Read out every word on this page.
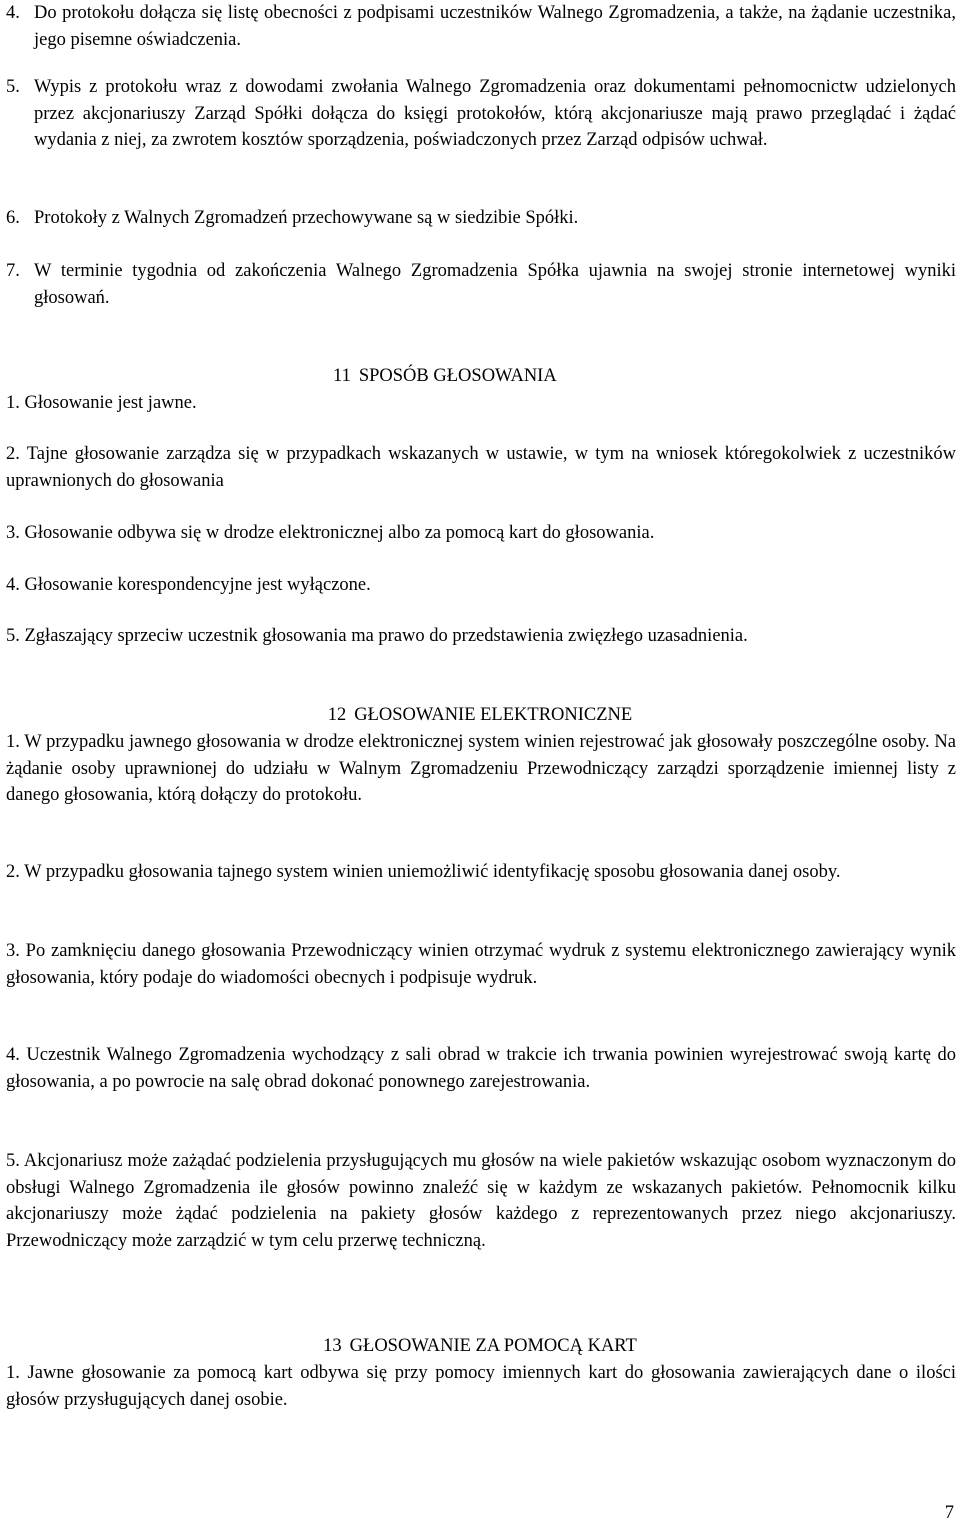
4. Do protokołu dołącza się listę obecności z podpisami uczestników Walnego Zgromadzenia, a także, na żądanie uczestnika, jego pisemne oświadczenia.
5. Wypis z protokołu wraz z dowodami zwołania Walnego Zgromadzenia oraz dokumentami pełnomocnictw udzielonych przez akcjonariuszy Zarząd Spółki dołącza do księgi protokołów, którą akcjonariusze mają prawo przeglądać i żądać wydania z niej, za zwrotem kosztów sporządzenia, poświadczonych przez Zarząd odpisów uchwał.
6. Protokoły z Walnych Zgromadzeń przechowywane są w siedzibie Spółki.
7. W terminie tygodnia od zakończenia Walnego Zgromadzenia Spółka ujawnia na swojej stronie internetowej wyniki głosowań.
11 SPOSÓB GŁOSOWANIA
1. Głosowanie jest jawne.
2. Tajne głosowanie zarządza się w przypadkach wskazanych w ustawie, w tym na wniosek któregokolwiek z uczestników uprawnionych do głosowania
3. Głosowanie odbywa się w drodze elektronicznej albo za pomocą kart do głosowania.
4. Głosowanie korespondencyjne jest wyłączone.
5. Zgłaszający sprzeciw uczestnik głosowania ma prawo do przedstawienia zwięzłego uzasadnienia.
12 GŁOSOWANIE ELEKTRONICZNE
1. W przypadku jawnego głosowania w drodze elektronicznej system winien rejestrować jak głosowały poszczególne osoby. Na żądanie osoby uprawnionej do udziału w Walnym Zgromadzeniu Przewodniczący zarządzi sporządzenie imiennej listy z danego głosowania, którą dołączy do protokołu.
2. W przypadku głosowania tajnego system winien uniemożliwić identyfikację sposobu głosowania danej osoby.
3. Po zamknięciu danego głosowania Przewodniczący winien otrzymać wydruk z systemu elektronicznego zawierający wynik głosowania, który podaje do wiadomości obecnych i podpisuje wydruk.
4. Uczestnik Walnego Zgromadzenia wychodzący z sali obrad w trakcie ich trwania powinien wyrejestrować swoją kartę do głosowania, a po powrocie na salę obrad dokonać ponownego zarejestrowania.
5. Akcjonariusz może zażądać podzielenia przysługujących mu głosów na wiele pakietów wskazując osobom wyznaczonym do obsługi Walnego Zgromadzenia ile głosów powinno znaleźć się w każdym ze wskazanych pakietów. Pełnomocnik kilku akcjonariuszy może żądać podzielenia na pakiety głosów każdego z reprezentowanych przez niego akcjonariuszy. Przewodniczący może zarządzić w tym celu przerwę techniczną.
13 GŁOSOWANIE ZA POMOCĄ KART
1. Jawne głosowanie za pomocą kart odbywa się przy pomocy imiennych kart do głosowania zawierających dane o ilości głosów przysługujących danej osobie.
7
